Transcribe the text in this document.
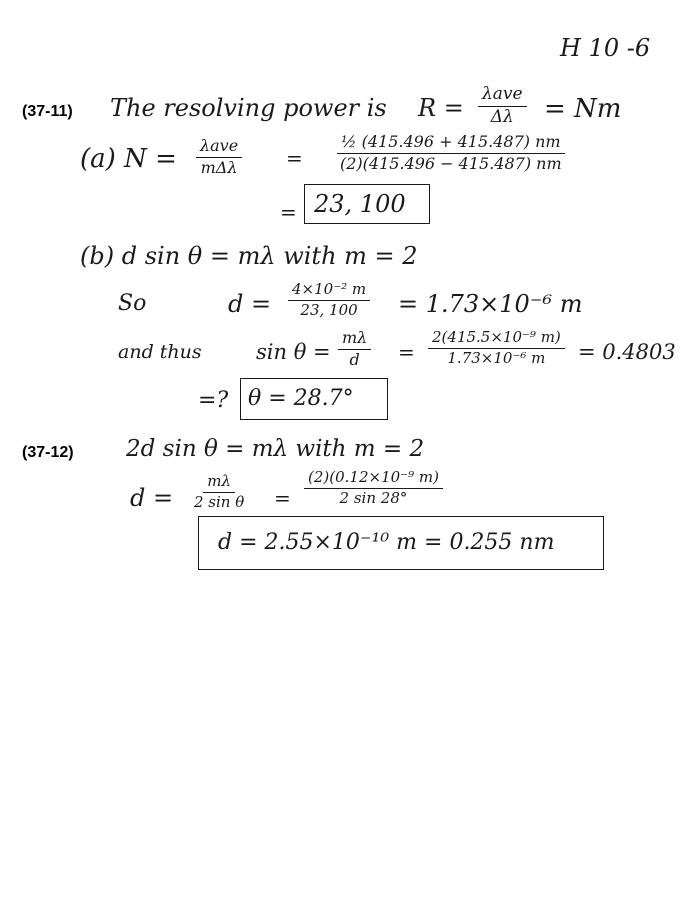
H 10 -6
(37-11) The resolving power is R = λave
Δλ = Nm
(a) N = λave
$m\Delta\lambda = \frac{\text{½ (415.496 + 415.487) nm}}{(2)(415.496 - 415.487) nm}$
= 23, 100
(b) d sin θ = mλ with m = 2
So	$d = \frac{\text{4×10⁻² m}}{23, 100} = 1.73\times 10^{-6}$ m
and thus	$\sin \theta = \frac{m\lambda}{d} = \frac{\text{2(415.5×10⁻⁹ m)}}{\text{1.73×10⁻⁶ m}} = 0.4803$
=? θ = 28.7°
(37-12) 2d sin θ = mλ with m = 2
$d = \frac{m\lambda}{\text{2 sin θ}} = \frac{\text{(2)(0.12×10⁻⁹ m)}}{2 \sin 28^\circ}$
d = 2.55×10⁻¹⁰ m = 0.255 nm
